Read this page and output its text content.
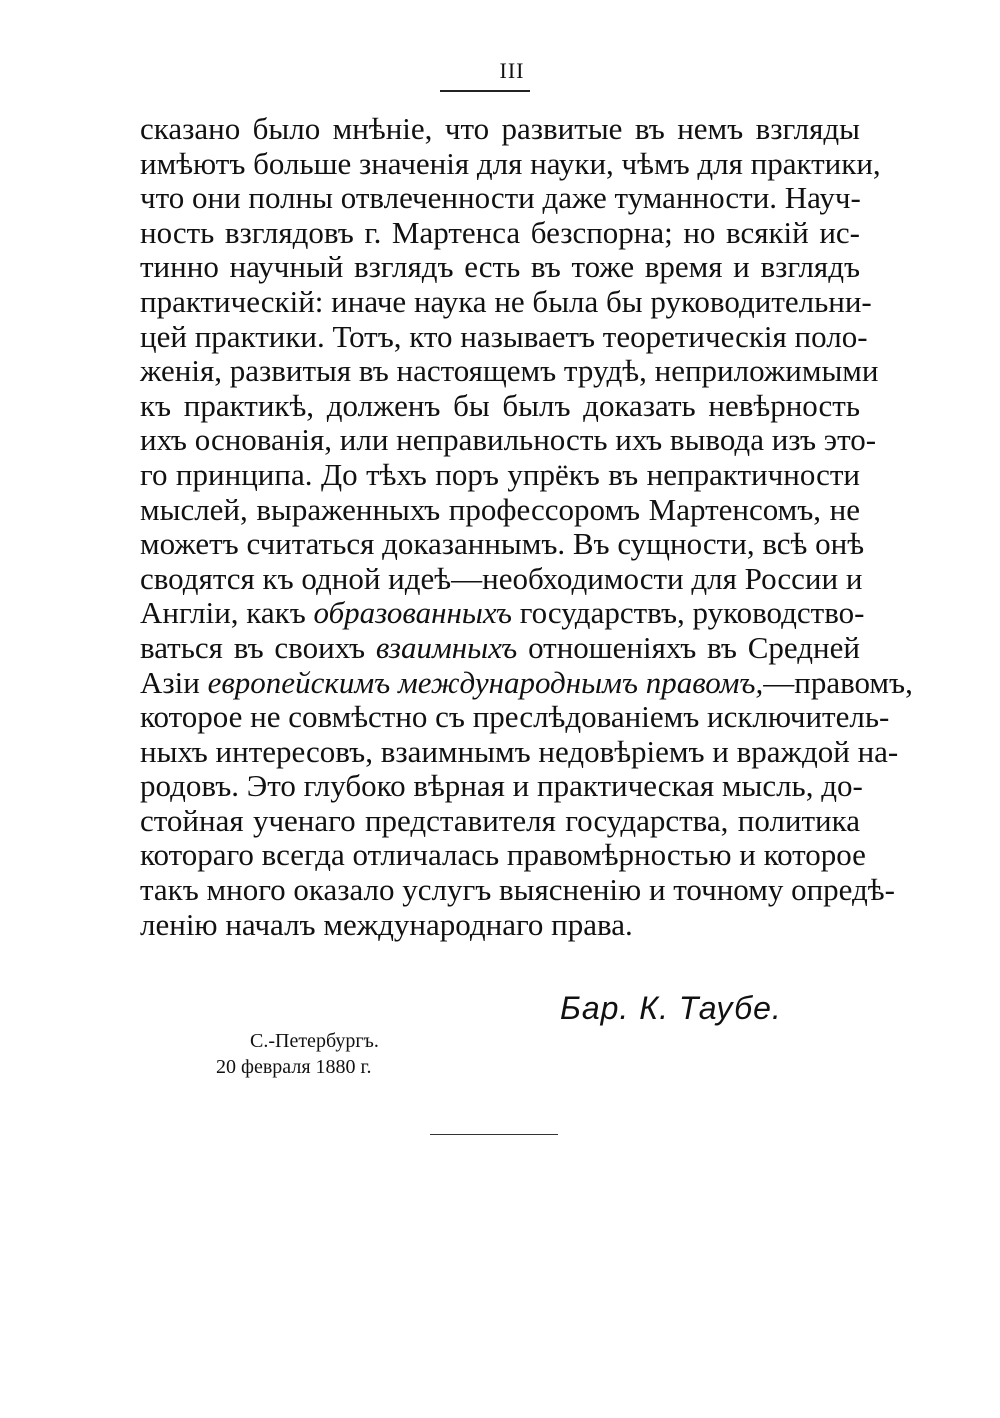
III
сказано было мнѣніе, что развитые въ немъ взгляды
имѣютъ больше значенія для науки, чѣмъ для практики,
что они полны отвлеченности даже туманности. Науч-
ность взглядовъ г. Мартенса безспорна; но всякій ис-
тинно научный взглядъ есть въ тоже время и взглядъ
практическій: иначе наука не была бы руководительни-
цей практики. Тотъ, кто называетъ теоретическія поло-
женія, развитыя въ настоящемъ трудѣ, неприложимыми
къ практикѣ, долженъ бы былъ доказать невѣрность
ихъ основанія, или неправильность ихъ вывода изъ это-
го принципа. До тѣхъ поръ упрёкъ въ непрактичности
мыслей, выраженныхъ профессоромъ Мартенсомъ, не
можетъ считаться доказаннымъ. Въ сущности, всѣ онѣ
сводятся къ одной идеѣ—необходимости для России и
Англіи, какъ образованныхъ государствъ, руководство-
ваться въ своихъ взаимныхъ отношеніяхъ въ Средней
Азіи европейскимъ международнымъ правомъ,—правомъ,
которое не совмѣстно съ преслѣдованіемъ исключитель-
ныхъ интересовъ, взаимнымъ недовѣріемъ и враждой на-
родовъ. Это глубоко вѣрная и практическая мысль, до-
стойная ученаго представителя государства, политика
котораго всегда отличалась правомѣрностью и которое
такъ много оказало услугъ выясненію и точному опредѣ-
ленію началъ международнаго права.
Бар. К. Таубе.
С.-Петербургъ.
20 февраля 1880 г.
